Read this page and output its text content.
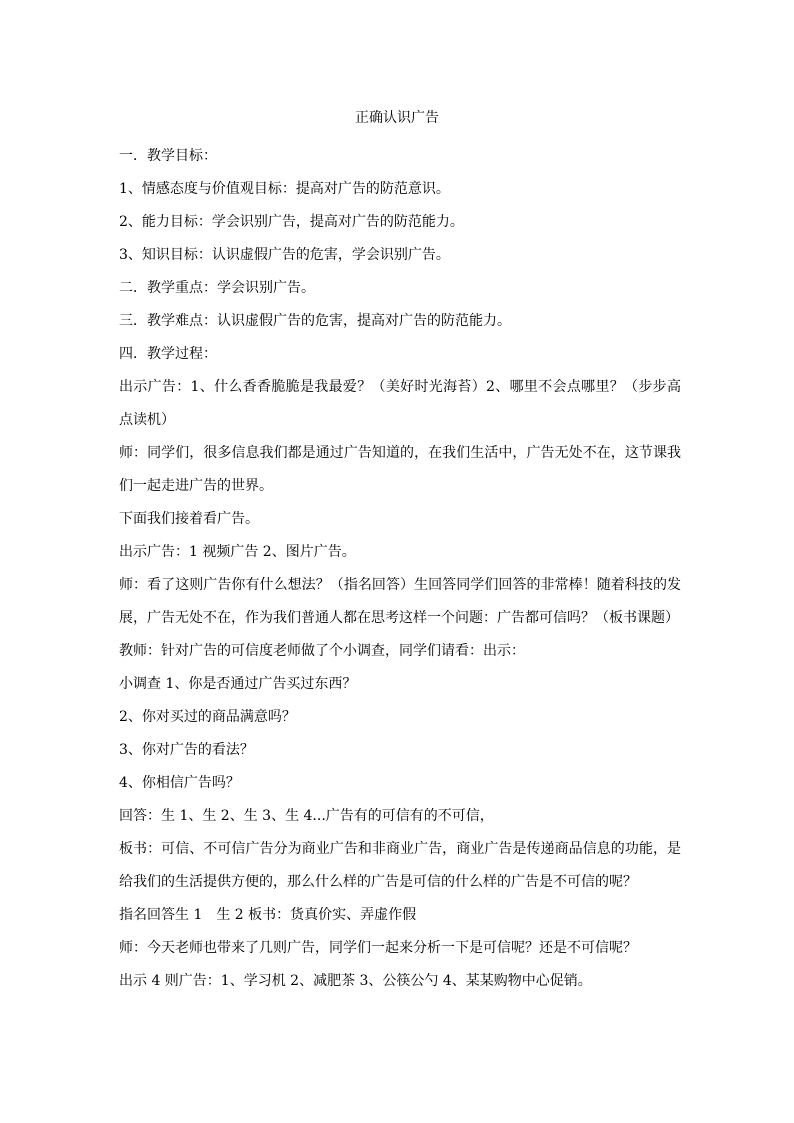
正确认识广告

一．教学目标：

1、情感态度与价值观目标：提高对广告的防范意识。

2、能力目标：学会识别广告，提高对广告的防范能力。

3、知识目标：认识虚假广告的危害，学会识别广告。

二．教学重点：学会识别广告。

三．教学难点：认识虚假广告的危害，提高对广告的防范能力。

四．教学过程：

出示广告：1、什么香香脆脆是我最爱？（美好时光海苔）2、哪里不会点哪里？（步步高点读机）

师：同学们，很多信息我们都是通过广告知道的，在我们生活中，广告无处不在，这节课我们一起走进广告的世界。

下面我们接着看广告。

出示广告：1 视频广告 2、图片广告。

师：看了这则广告你有什么想法？（指名回答）生回答同学们回答的非常棒！随着科技的发展，广告无处不在，作为我们普通人都在思考这样一个问题：广告都可信吗？（板书课题）

教师：针对广告的可信度老师做了个小调查，同学们请看：出示：

小调查 1、你是否通过广告买过东西？

2、你对买过的商品满意吗？

3、你对广告的看法？

4、你相信广告吗？

回答：生 1、生 2、生 3、生 4...广告有的可信有的不可信，

板书：可信、不可信广告分为商业广告和非商业广告，商业广告是传递商品信息的功能，是给我们的生活提供方便的，那么什么样的广告是可信的什么样的广告是不可信的呢？

指名回答生 1　生 2 板书：货真价实、弄虚作假

师：今天老师也带来了几则广告，同学们一起来分析一下是可信呢？还是不可信呢？

出示 4 则广告：1、学习机 2、减肥茶 3、公筷公勺 4、某某购物中心促销。
